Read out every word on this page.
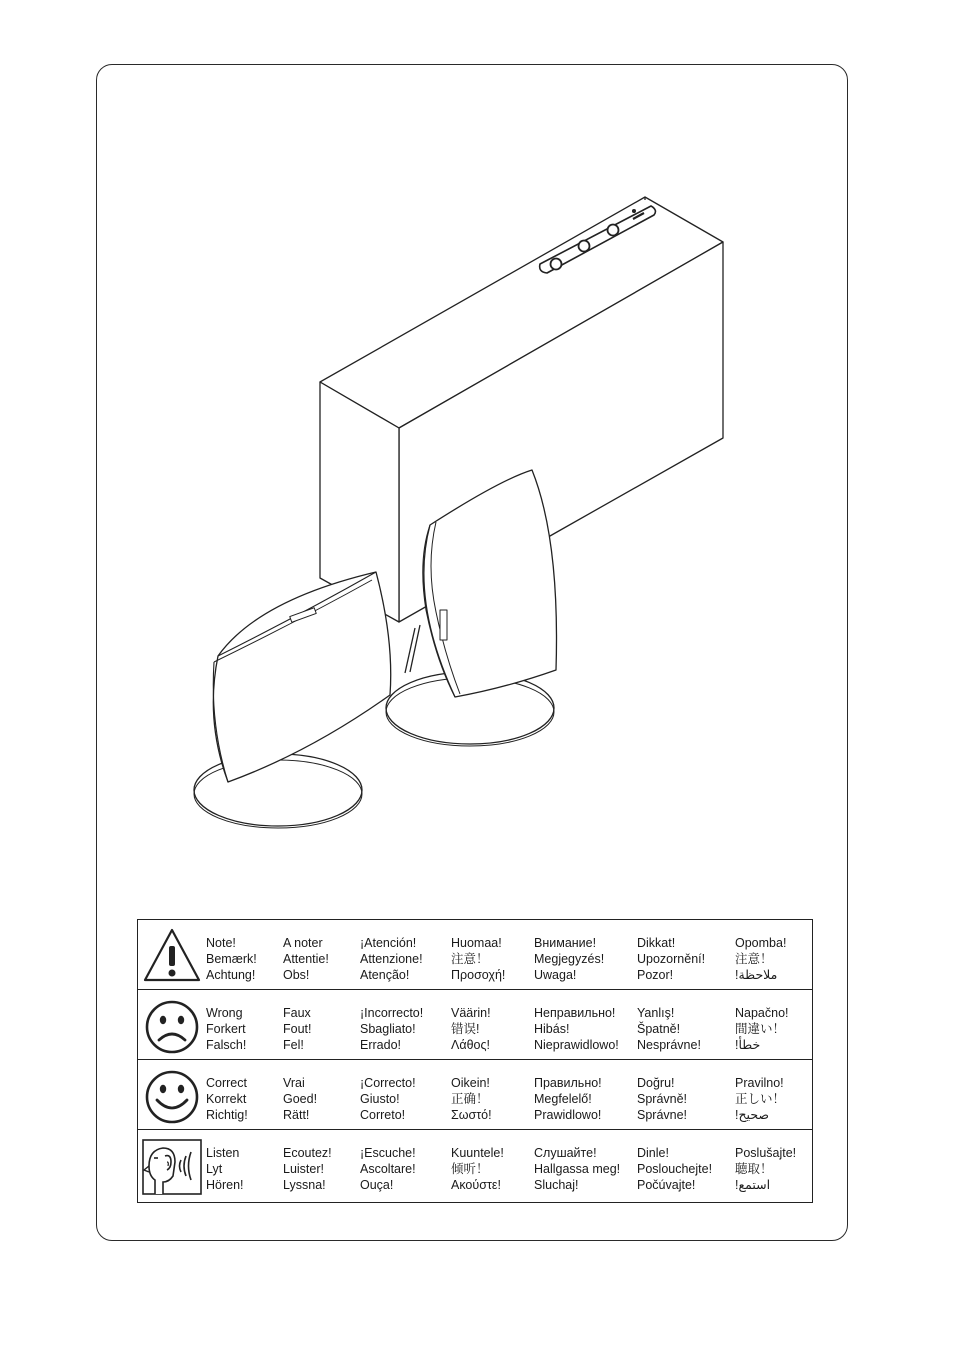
Note!
Bemærk!
Achtung!
A noter
Attentie!
Obs!
¡Atención!
Attenzione!
Atenção!
Huomaa!
注意！
Προσοχή!
Внимание!
Megjegyzés!
Uwaga!
Dikkat!
Upozornění!
Pozor!
Opomba!
注意！
!ملاحظة
Wrong
Forkert
Falsch!
Faux
Fout!
Fel!
¡Incorrecto!
Sbagliato!
Errado!
Väärin!
错误!
Λάθος!
Неправильно!
Hibás!
Nieprawidlowo!
Yanlış!
Špatně!
Nesprávne!
Napačno!
間違い！
!خطأ
Correct
Korrekt
Richtig!
Vrai
Goed!
Rätt!
¡Correcto!
Giusto!
Correto!
Oikein!
正确！
Σωστό!
Правильно!
Megfelelő!
Prawidlowo!
Doğru!
Správně!
Správne!
Pravilno!
正しい！
!صحيح
Listen
Lyt
Hören!
Ecoutez!
Luister!
Lyssna!
¡Escuche!
Ascoltare!
Ouça!
Kuuntele!
倾听！
Ακούστε!
Слушайте!
Hallgassa meg!
Sluchaj!
Dinle!
Poslouchejte!
Počúvajte!
Poslušajte!
聴取！
!استمع
